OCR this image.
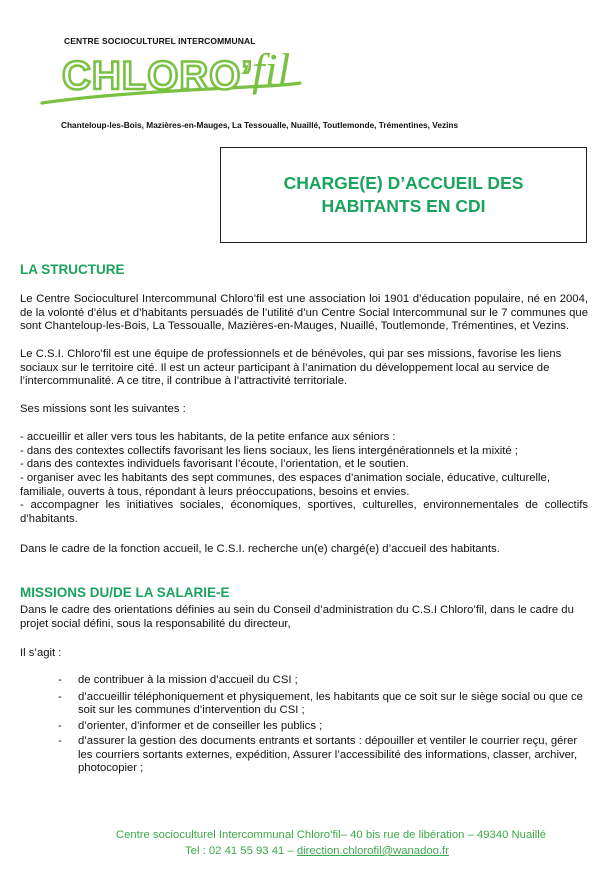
CENTRE SOCIOCULTUREL INTERCOMMUNAL
CHLORO’
fil
Chanteloup-les-Bois, Mazières-en-Mauges, La Tessoualle, Nuaillé, Toutlemonde, Trémentines, Vezins
CHARGE(E) D’ACCUEIL DES HABITANTS EN CDI
LA STRUCTURE
Le Centre Socioculturel Intercommunal Chloro’fil est une association loi 1901 d’éducation populaire, né en 2004, de la volonté d’élus et d’habitants persuadés de l’utilité d’un Centre Social Intercommunal sur le 7 communes que sont Chanteloup-les-Bois, La Tessoualle, Mazières-en-Mauges, Nuaillé, Toutlemonde, Trémentines, et Vezins.
Le C.S.I. Chloro’fil est une équipe de professionnels et de bénévoles, qui par ses missions, favorise les liens sociaux sur le territoire cité. Il est un acteur participant à l’animation du développement local au service de l’intercommunalité. A ce titre, il contribue à l’attractivité territoriale.
Ses missions sont les suivantes :
- accueillir et aller vers tous les habitants, de la petite enfance aux séniors :
- dans des contextes collectifs favorisant les liens sociaux, les liens intergénérationnels et la mixité ;
- dans des contextes individuels favorisant l’écoute, l’orientation, et le soutien.
- organiser avec les habitants des sept communes, des espaces d’animation sociale, éducative, culturelle, familiale, ouverts à tous, répondant à leurs préoccupations, besoins et envies.
- accompagner les initiatives sociales, économiques, sportives, culturelles, environnementales de collectifs d’habitants.
Dans le cadre de la fonction accueil, le C.S.I. recherche un(e) chargé(e) d’accueil des habitants.
MISSIONS DU/DE LA SALARIE-E
Dans le cadre des orientations définies au sein du Conseil d’administration du C.S.I Chloro’fil, dans le cadre du projet social défini, sous la responsabilité du directeur,
Il s’agit :
- de contribuer à la mission d’accueil du CSI ;
- d’accueillir téléphoniquement et physiquement, les habitants que ce soit sur le siège social ou que ce soit sur les communes d’intervention du CSI ;
- d’orienter, d’informer et de conseiller les publics ;
- d’assurer la gestion des documents entrants et sortants : dépouiller et ventiler le courrier reçu, gérer les courriers sortants externes, expédition, Assurer l’accessibilité des informations, classer, archiver, photocopier ;
Centre socioculturel Intercommunal Chloro’fil– 40 bis rue de libération – 49340 Nuaillé
Tel : 02 41 55 93 41 – direction.chlorofil@wanadoo.fr
